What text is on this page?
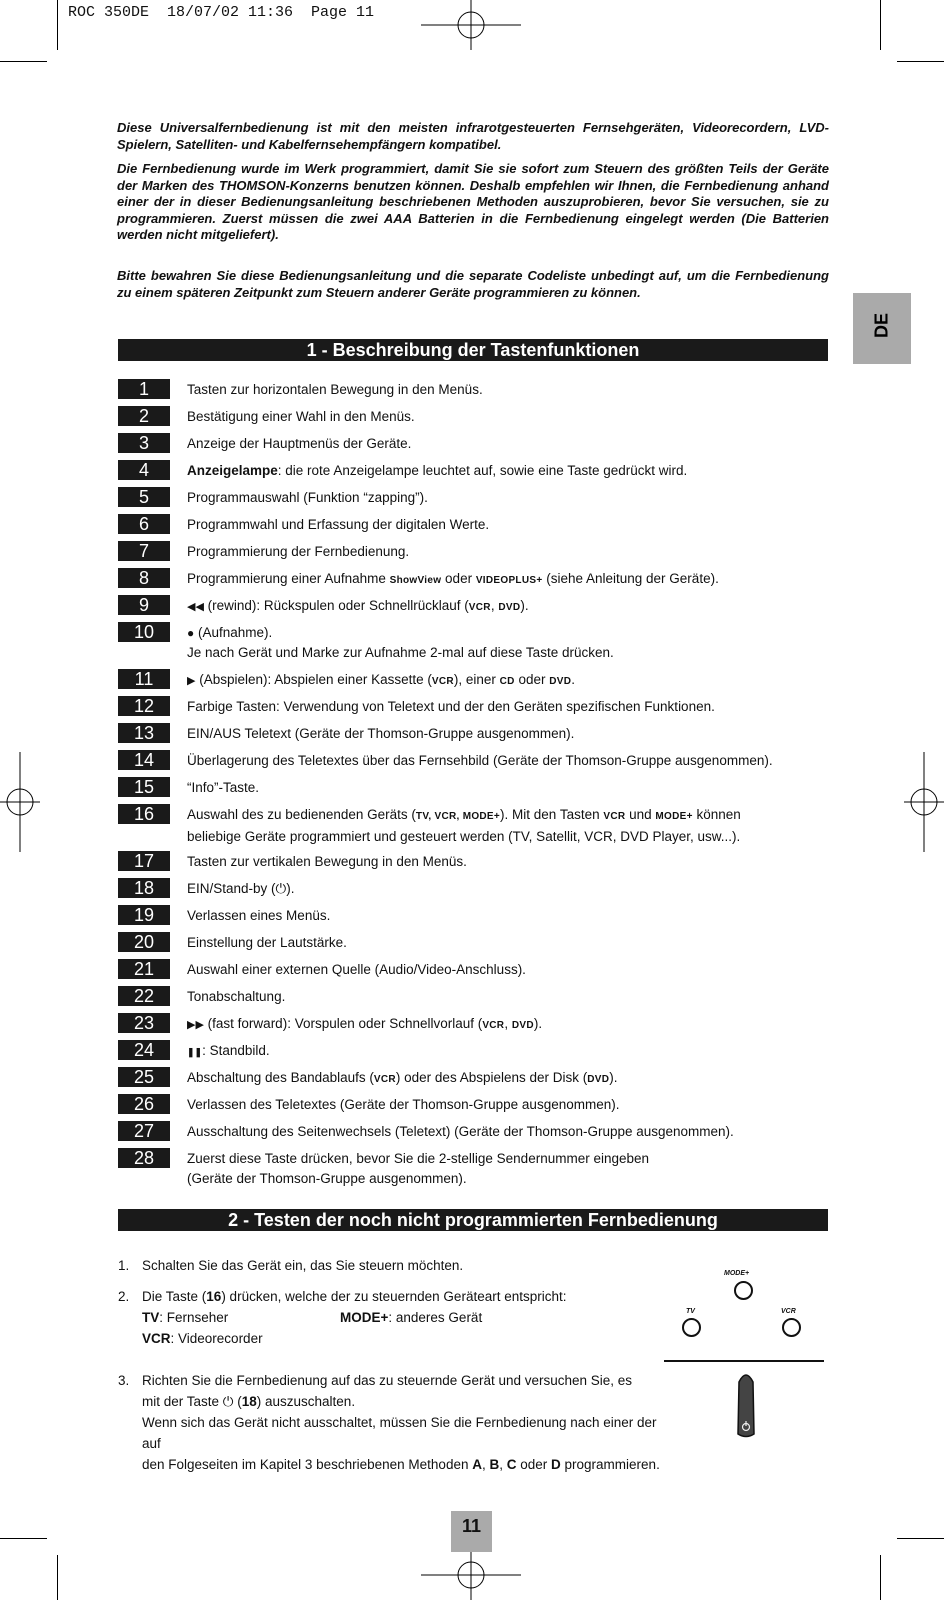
ROC 350DE  18/07/02 11:36  Page 11
Diese Universalfernbedienung ist mit den meisten infrarotgesteuerten Fernsehgeräten, Videorecordern, LVD-Spielern, Satelliten- und Kabelfernsehempfängern kompatibel.
Die Fernbedienung wurde im Werk programmiert, damit Sie sie sofort zum Steuern des größten Teils der Geräte der Marken des THOMSON-Konzerns benutzen können. Deshalb empfehlen wir Ihnen, die Fernbedienung anhand einer der in dieser Bedienungsanleitung beschriebenen Methoden auszuprobieren, bevor Sie versuchen, sie zu programmieren. Zuerst müssen die zwei AAA Batterien in die Fernbedienung eingelegt werden (Die Batterien werden nicht mitgeliefert).
Bitte bewahren Sie diese Bedienungsanleitung und die separate Codeliste unbedingt auf, um die Fernbedienung zu einem späteren Zeitpunkt zum Steuern anderer Geräte programmieren zu können.
DE
1 - Beschreibung der Tastenfunktionen
1	Tasten zur horizontalen Bewegung in den Menüs.
2	Bestätigung einer Wahl in den Menüs.
3	Anzeige der Hauptmenüs der Geräte.
4	Anzeigelampe: die rote Anzeigelampe leuchtet auf, sowie eine Taste gedrückt wird.
5	Programmauswahl (Funktion “zapping”).
6	Programmwahl und Erfassung der digitalen Werte.
7	Programmierung der Fernbedienung.
8	Programmierung einer Aufnahme ShowView oder VIDEOPLUS+ (siehe Anleitung der Geräte).
9	◀◀ (rewind): Rückspulen oder Schnellrücklauf (VCR, DVD).
10	● (Aufnahme).
Je nach Gerät und Marke zur Aufnahme 2-mal auf diese Taste drücken.
11	▶ (Abspielen): Abspielen einer Kassette (VCR), einer CD oder DVD.
12	Farbige Tasten: Verwendung von Teletext und der den Geräten spezifischen Funktionen.
13	EIN/AUS Teletext (Geräte der Thomson-Gruppe ausgenommen).
14	Überlagerung des Teletextes über das Fernsehbild (Geräte der Thomson-Gruppe ausgenommen).
15	“Info”-Taste.
16	Auswahl des zu bedienenden Geräts (TV, VCR, MODE+). Mit den Tasten VCR und MODE+ können
beliebige Geräte programmiert und gesteuert werden (TV, Satellit, VCR, DVD Player, usw...).
17	Tasten zur vertikalen Bewegung in den Menüs.
18	EIN/Stand-by (⏻).
19	Verlassen eines Menüs.
20	Einstellung der Lautstärke.
21	Auswahl einer externen Quelle (Audio/Video-Anschluss).
22	Tonabschaltung.
23	▶▶ (fast forward): Vorspulen oder Schnellvorlauf (VCR, DVD).
24	❚❚: Standbild.
25	Abschaltung des Bandablaufs (VCR) oder des Abspielens der Disk (DVD).
26	Verlassen des Teletextes (Geräte der Thomson-Gruppe ausgenommen).
27	Ausschaltung des Seitenwechsels (Teletext) (Geräte der Thomson-Gruppe ausgenommen).
28	Zuerst diese Taste drücken, bevor Sie die 2-stellige Sendernummer eingeben
(Geräte der Thomson-Gruppe ausgenommen).
2 - Testen der noch nicht programmierten Fernbedienung
1. Schalten Sie das Gerät ein, das Sie steuern möchten.
2. Die Taste (16) drücken, welche der zu steuernden Geräteart entspricht:
TV: Fernseher	MODE+: anderes Gerät

VCR: Videorecorder
3. Richten Sie die Fernbedienung auf das zu steuernde Gerät und versuchen Sie, es
mit der Taste ⏻ (18) auszuschalten.
Wenn sich das Gerät nicht ausschaltet, müssen Sie die Fernbedienung nach einer der auf
den Folgeseiten im Kapitel 3 beschriebenen Methoden A, B, C oder D programmieren.
MODE+
TV	VCR
11
